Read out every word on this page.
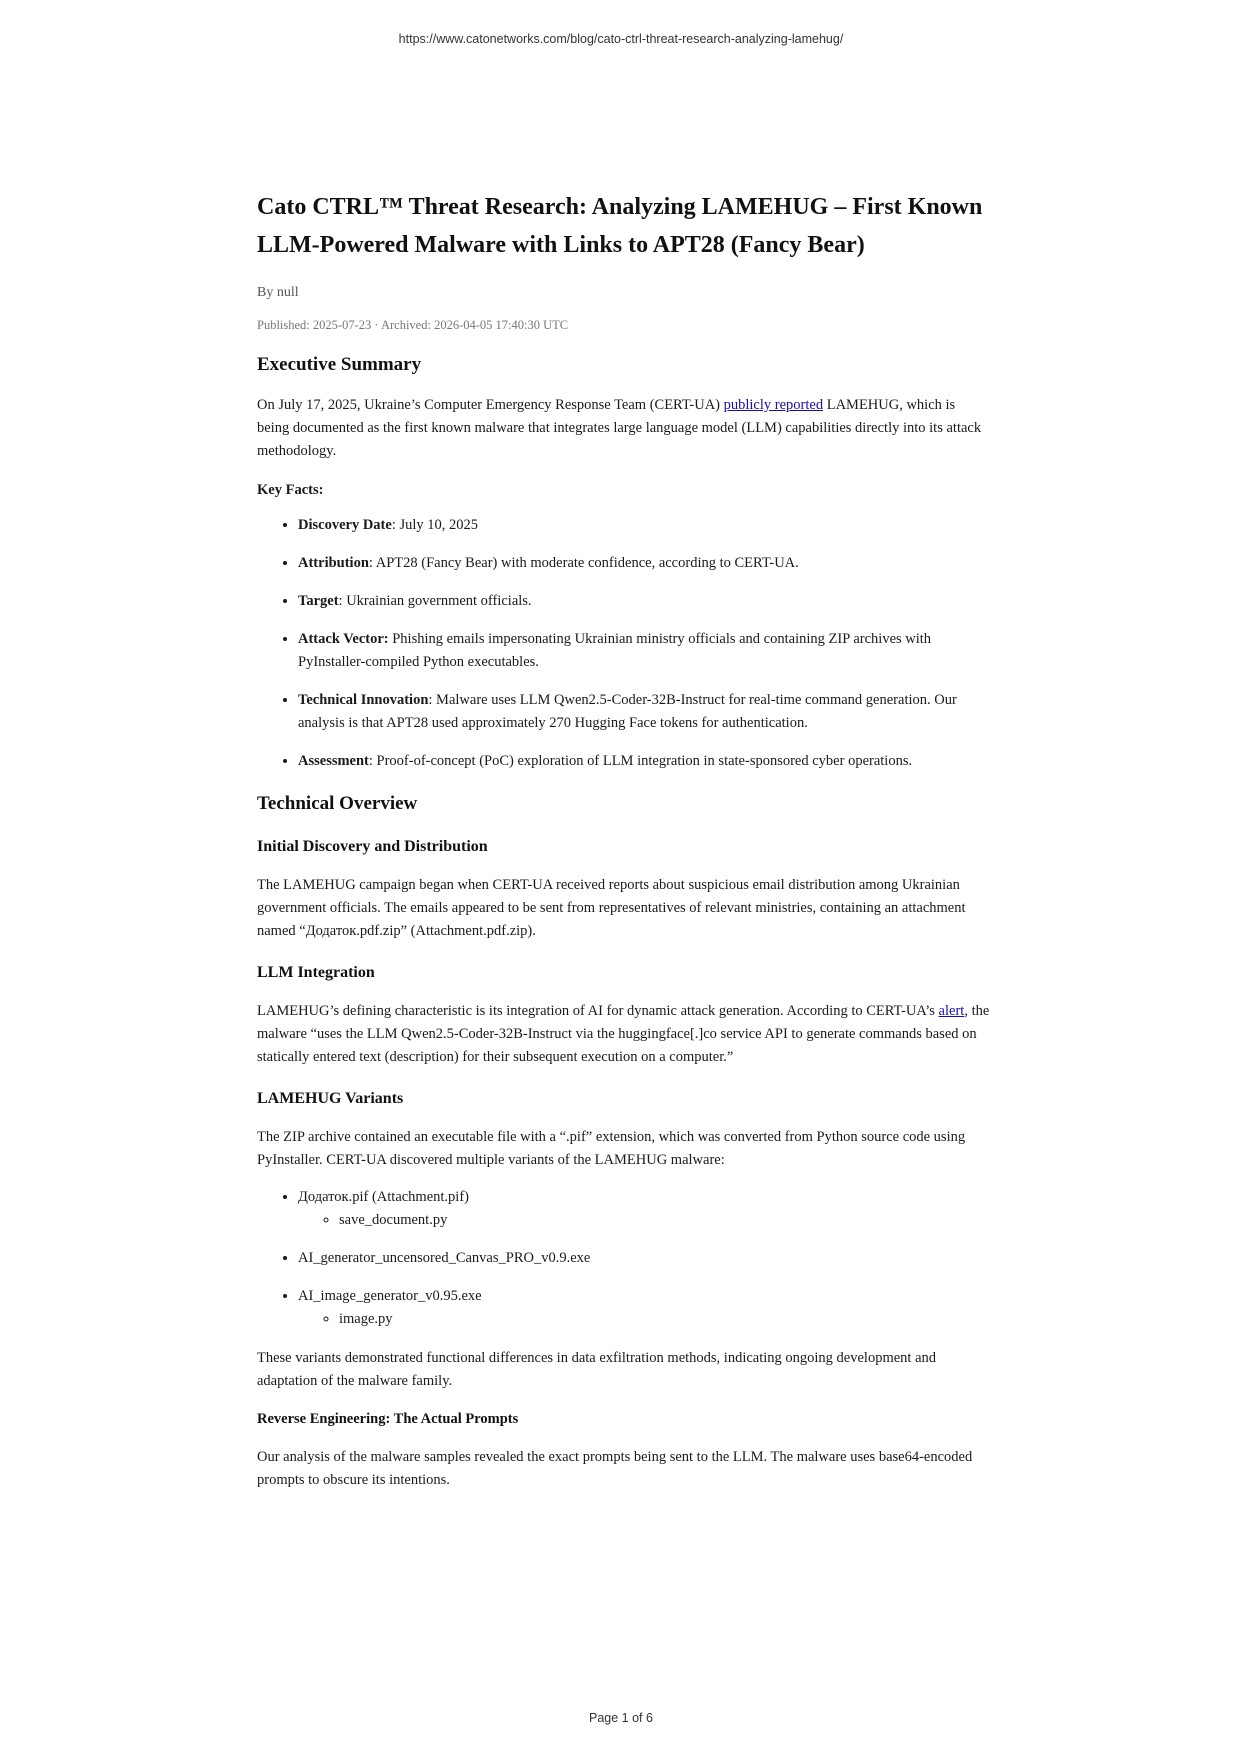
https://www.catonetworks.com/blog/cato-ctrl-threat-research-analyzing-lamehug/
Cato CTRL™ Threat Research: Analyzing LAMEHUG – First Known LLM-Powered Malware with Links to APT28 (Fancy Bear)
By null
Published: 2025-07-23 · Archived: 2026-04-05 17:40:30 UTC
Executive Summary

On July 17, 2025, Ukraine’s Computer Emergency Response Team (CERT-UA) publicly reported LAMEHUG, which is being documented as the first known malware that integrates large language model (LLM) capabilities directly into its attack methodology.

Key Facts:

• Discovery Date: July 10, 2025
• Attribution: APT28 (Fancy Bear) with moderate confidence, according to CERT-UA.
• Target: Ukrainian government officials.
• Attack Vector: Phishing emails impersonating Ukrainian ministry officials and containing ZIP archives with PyInstaller-compiled Python executables.
• Technical Innovation: Malware uses LLM Qwen2.5-Coder-32B-Instruct for real-time command generation. Our analysis is that APT28 used approximately 270 Hugging Face tokens for authentication.
• Assessment: Proof-of-concept (PoC) exploration of LLM integration in state-sponsored cyber operations.
Technical Overview
Initial Discovery and Distribution

The LAMEHUG campaign began when CERT-UA received reports about suspicious email distribution among Ukrainian government officials. The emails appeared to be sent from representatives of relevant ministries, containing an attachment named “Додаток.pdf.zip” (Attachment.pdf.zip).

LLM Integration

LAMEHUG’s defining characteristic is its integration of AI for dynamic attack generation. According to CERT-UA’s alert, the malware “uses the LLM Qwen2.5-Coder-32B-Instruct via the huggingface[.]co service API to generate commands based on statically entered text (description) for their subsequent execution on a computer.”

LAMEHUG Variants

The ZIP archive contained an executable file with a “.pif” extension, which was converted from Python source code using PyInstaller. CERT-UA discovered multiple variants of the LAMEHUG malware:

• Додаток.pif (Attachment.pif)
◦ save_document.py
• AI_generator_uncensored_Canvas_PRO_v0.9.exe
• AI_image_generator_v0.95.exe
◦ image.py

These variants demonstrated functional differences in data exfiltration methods, indicating ongoing development and adaptation of the malware family.

Reverse Engineering: The Actual Prompts

Our analysis of the malware samples revealed the exact prompts being sent to the LLM. The malware uses base64-encoded prompts to obscure its intentions.

Page 1 of 6
